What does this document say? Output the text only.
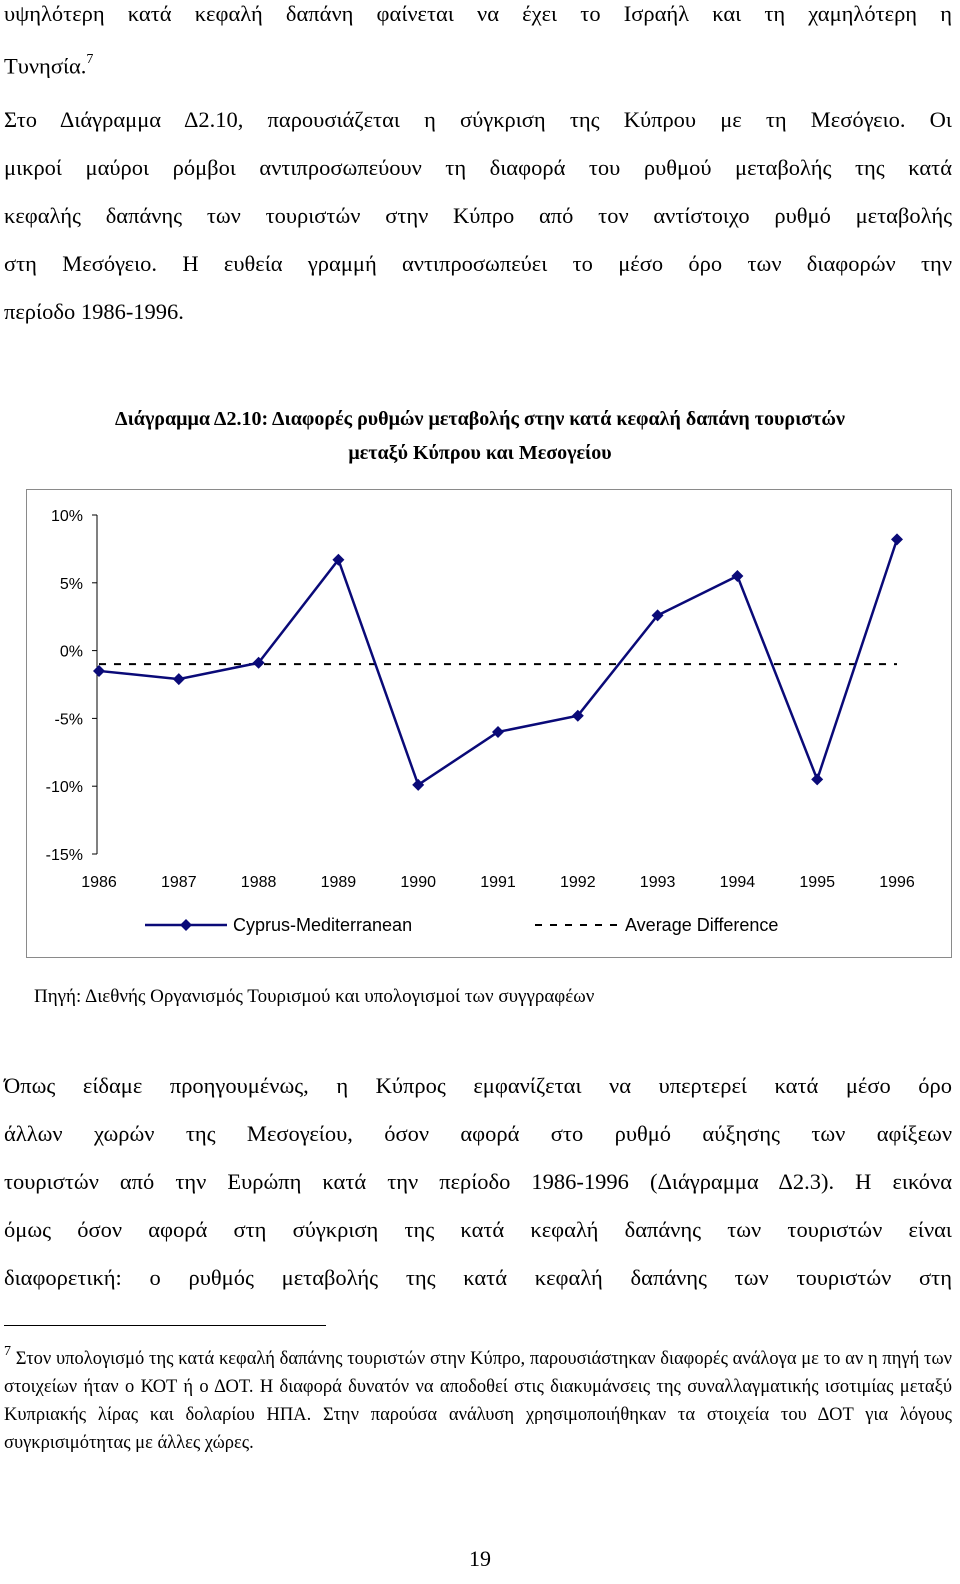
υψηλότερη κατά κεφαλή δαπάνη φαίνεται να έχει το Ισραήλ και τη χαμηλότερη η
Τυνησία.$^7$
Στο Διάγραμμα Δ2.10, παρουσιάζεται η σύγκριση της Κύπρου με τη Μεσόγειο. Οι
μικροί μαύροι ρόμβοι αντιπροσωπεύουν τη διαφορά του ρυθμού μεταβολής της κατά
κεφαλής δαπάνης των τουριστών στην Κύπρο από τον αντίστοιχο ρυθμό μεταβολής
στη Μεσόγειο. Η ευθεία γραμμή αντιπροσωπεύει το μέσο όρο των διαφορών την
περίοδο 1986-1996.
Διάγραμμα Δ2.10: Διαφορές ρυθμών μεταβολής στην κατά κεφαλή δαπάνη τουριστών
μεταξύ Κύπρου και Μεσογείου
10%
5%
0%
-5%
-10%
-15%
1986	1987	1988	1989	1990	1991	1992	1993	1994	1995	1996
Cyprus-Mediterranean	Average Difference
Πηγή: Διεθνής Οργανισμός Τουρισμού και υπολογισμοί των συγγραφέων
Όπως είδαμε προηγουμένως, η Κύπρος εμφανίζεται να υπερτερεί κατά μέσο όρο
άλλων χωρών της Μεσογείου, όσον αφορά στο ρυθμό αύξησης των αφίξεων
τουριστών από την Ευρώπη κατά την περίοδο 1986-1996 (Διάγραμμα Δ2.3). Η εικόνα
όμως όσον αφορά στη σύγκριση της κατά κεφαλή δαπάνης των τουριστών είναι
διαφορετική: ο ρυθμός μεταβολής της κατά κεφαλή δαπάνης των τουριστών στη
$^7$ Στον υπολογισμό της κατά κεφαλή δαπάνης τουριστών στην Κύπρο, παρουσιάστηκαν διαφορές ανάλογα με το αν η πηγή των στοιχείων ήταν ο ΚΟΤ ή ο ΔΟΤ. Η διαφορά δυνατόν να αποδοθεί στις διακυμάνσεις της συναλλαγματικής ισοτιμίας μεταξύ Κυπριακής λίρας και δολαρίου ΗΠΑ. Στην παρούσα ανάλυση χρησιμοποιήθηκαν τα στοιχεία του ΔΟΤ για λόγους συγκρισιμότητας με άλλες χώρες.
19
